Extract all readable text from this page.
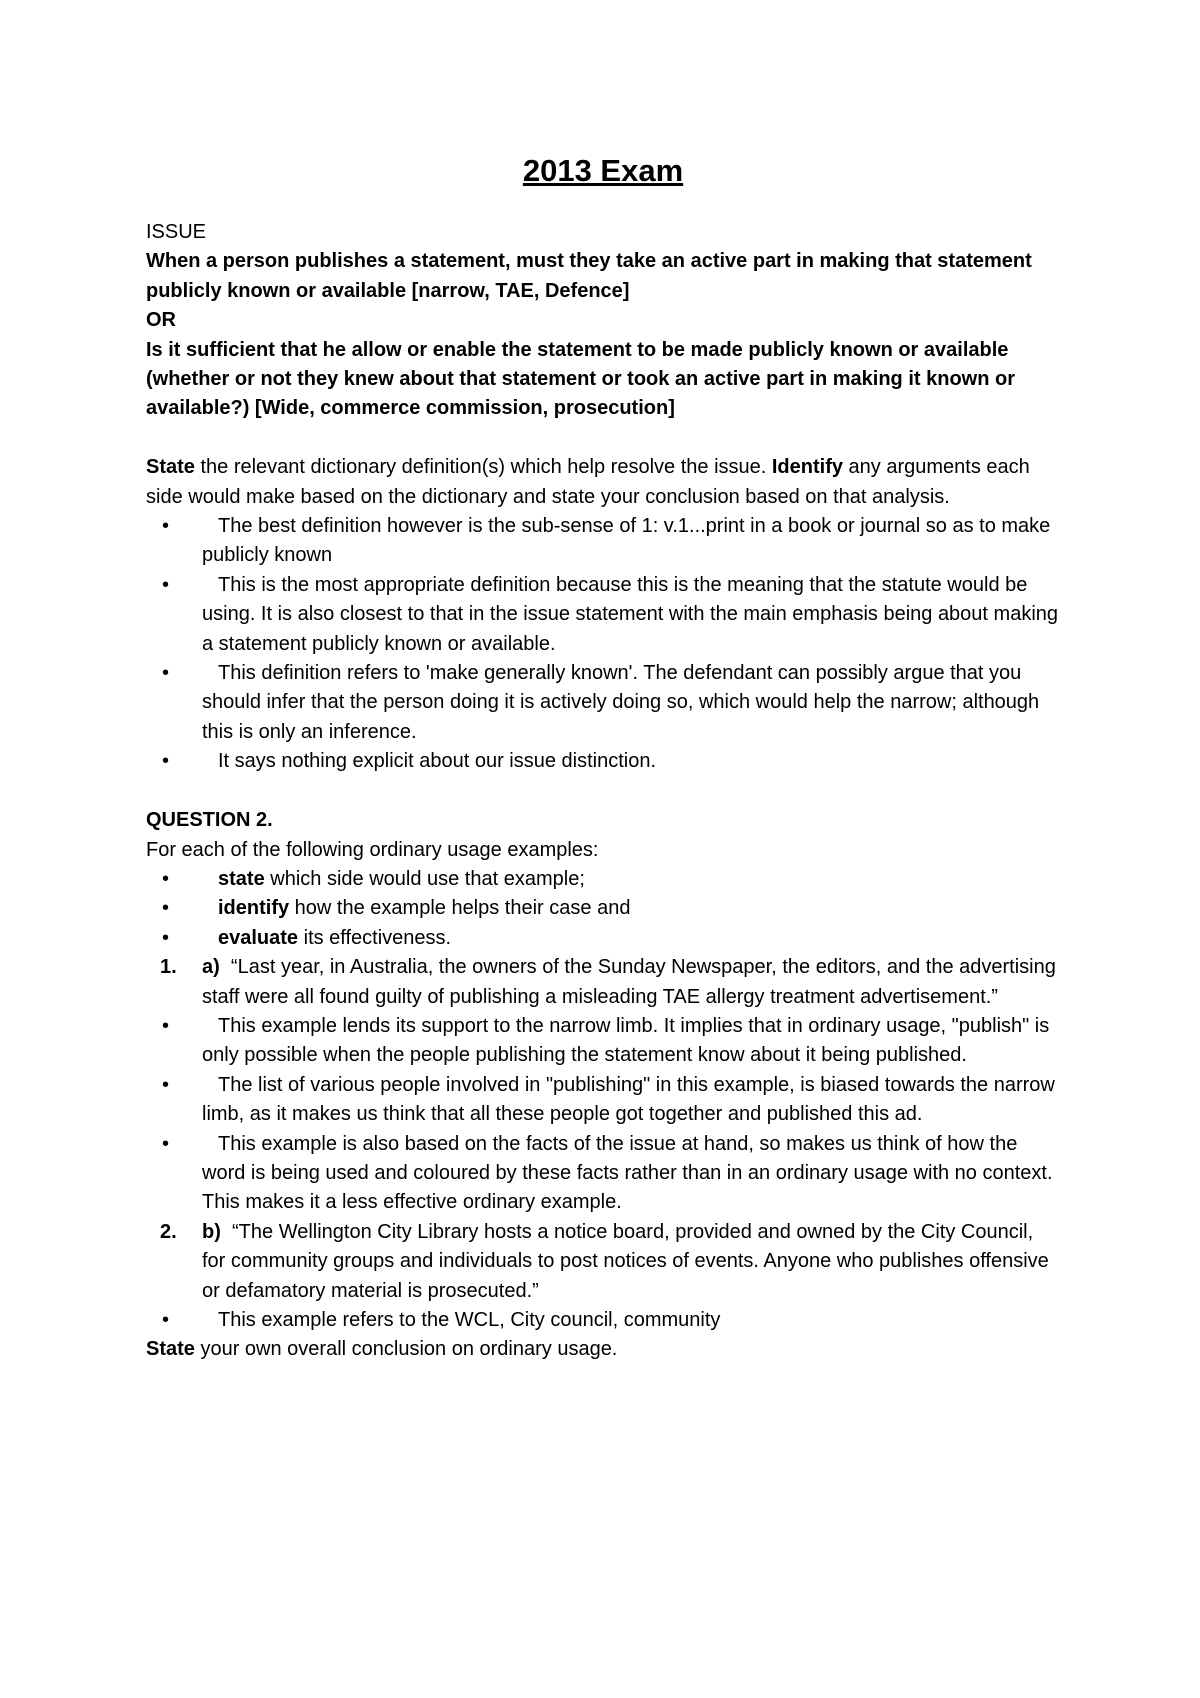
2013 Exam

ISSUE

When a person publishes a statement, must they take an active part in making that statement publicly known or available [narrow, TAE, Defence]

OR

Is it sufficient that he allow or enable the statement to be made publicly known or available (whether or not they knew about that statement or took an active part in making it known or available?) [Wide, commerce commission, prosecution]

State the relevant dictionary definition(s) which help resolve the issue. Identify any arguments each side would make based on the dictionary and state your conclusion based on that analysis.

• The best definition however is the sub-sense of 1: v.1...print in a book or journal so as to make publicly known
• This is the most appropriate definition because this is the meaning that the statute would be using. It is also closest to that in the issue statement with the main emphasis being about making a statement publicly known or available.
• This definition refers to 'make generally known'. The defendant can possibly argue that you should infer that the person doing it is actively doing so, which would help the narrow; although this is only an inference.
• It says nothing explicit about our issue distinction.

QUESTION 2.

For each of the following ordinary usage examples:

• state which side would use that example;
• identify how the example helps their case and
• evaluate its effectiveness.
1. a) “Last year, in Australia, the owners of the Sunday Newspaper, the editors, and the advertising staff were all found guilty of publishing a misleading TAE allergy treatment advertisement.”
• This example lends its support to the narrow limb. It implies that in ordinary usage, "publish" is only possible when the people publishing the statement know about it being published.
• The list of various people involved in "publishing" in this example, is biased towards the narrow limb, as it makes us think that all these people got together and published this ad.
• This example is also based on the facts of the issue at hand, so makes us think of how the word is being used and coloured by these facts rather than in an ordinary usage with no context. This makes it a less effective ordinary example.
2. b) “The Wellington City Library hosts a notice board, provided and owned by the City Council, for community groups and individuals to post notices of events. Anyone who publishes offensive or defamatory material is prosecuted.”
• This example refers to the WCL, City council, community

State your own overall conclusion on ordinary usage.
